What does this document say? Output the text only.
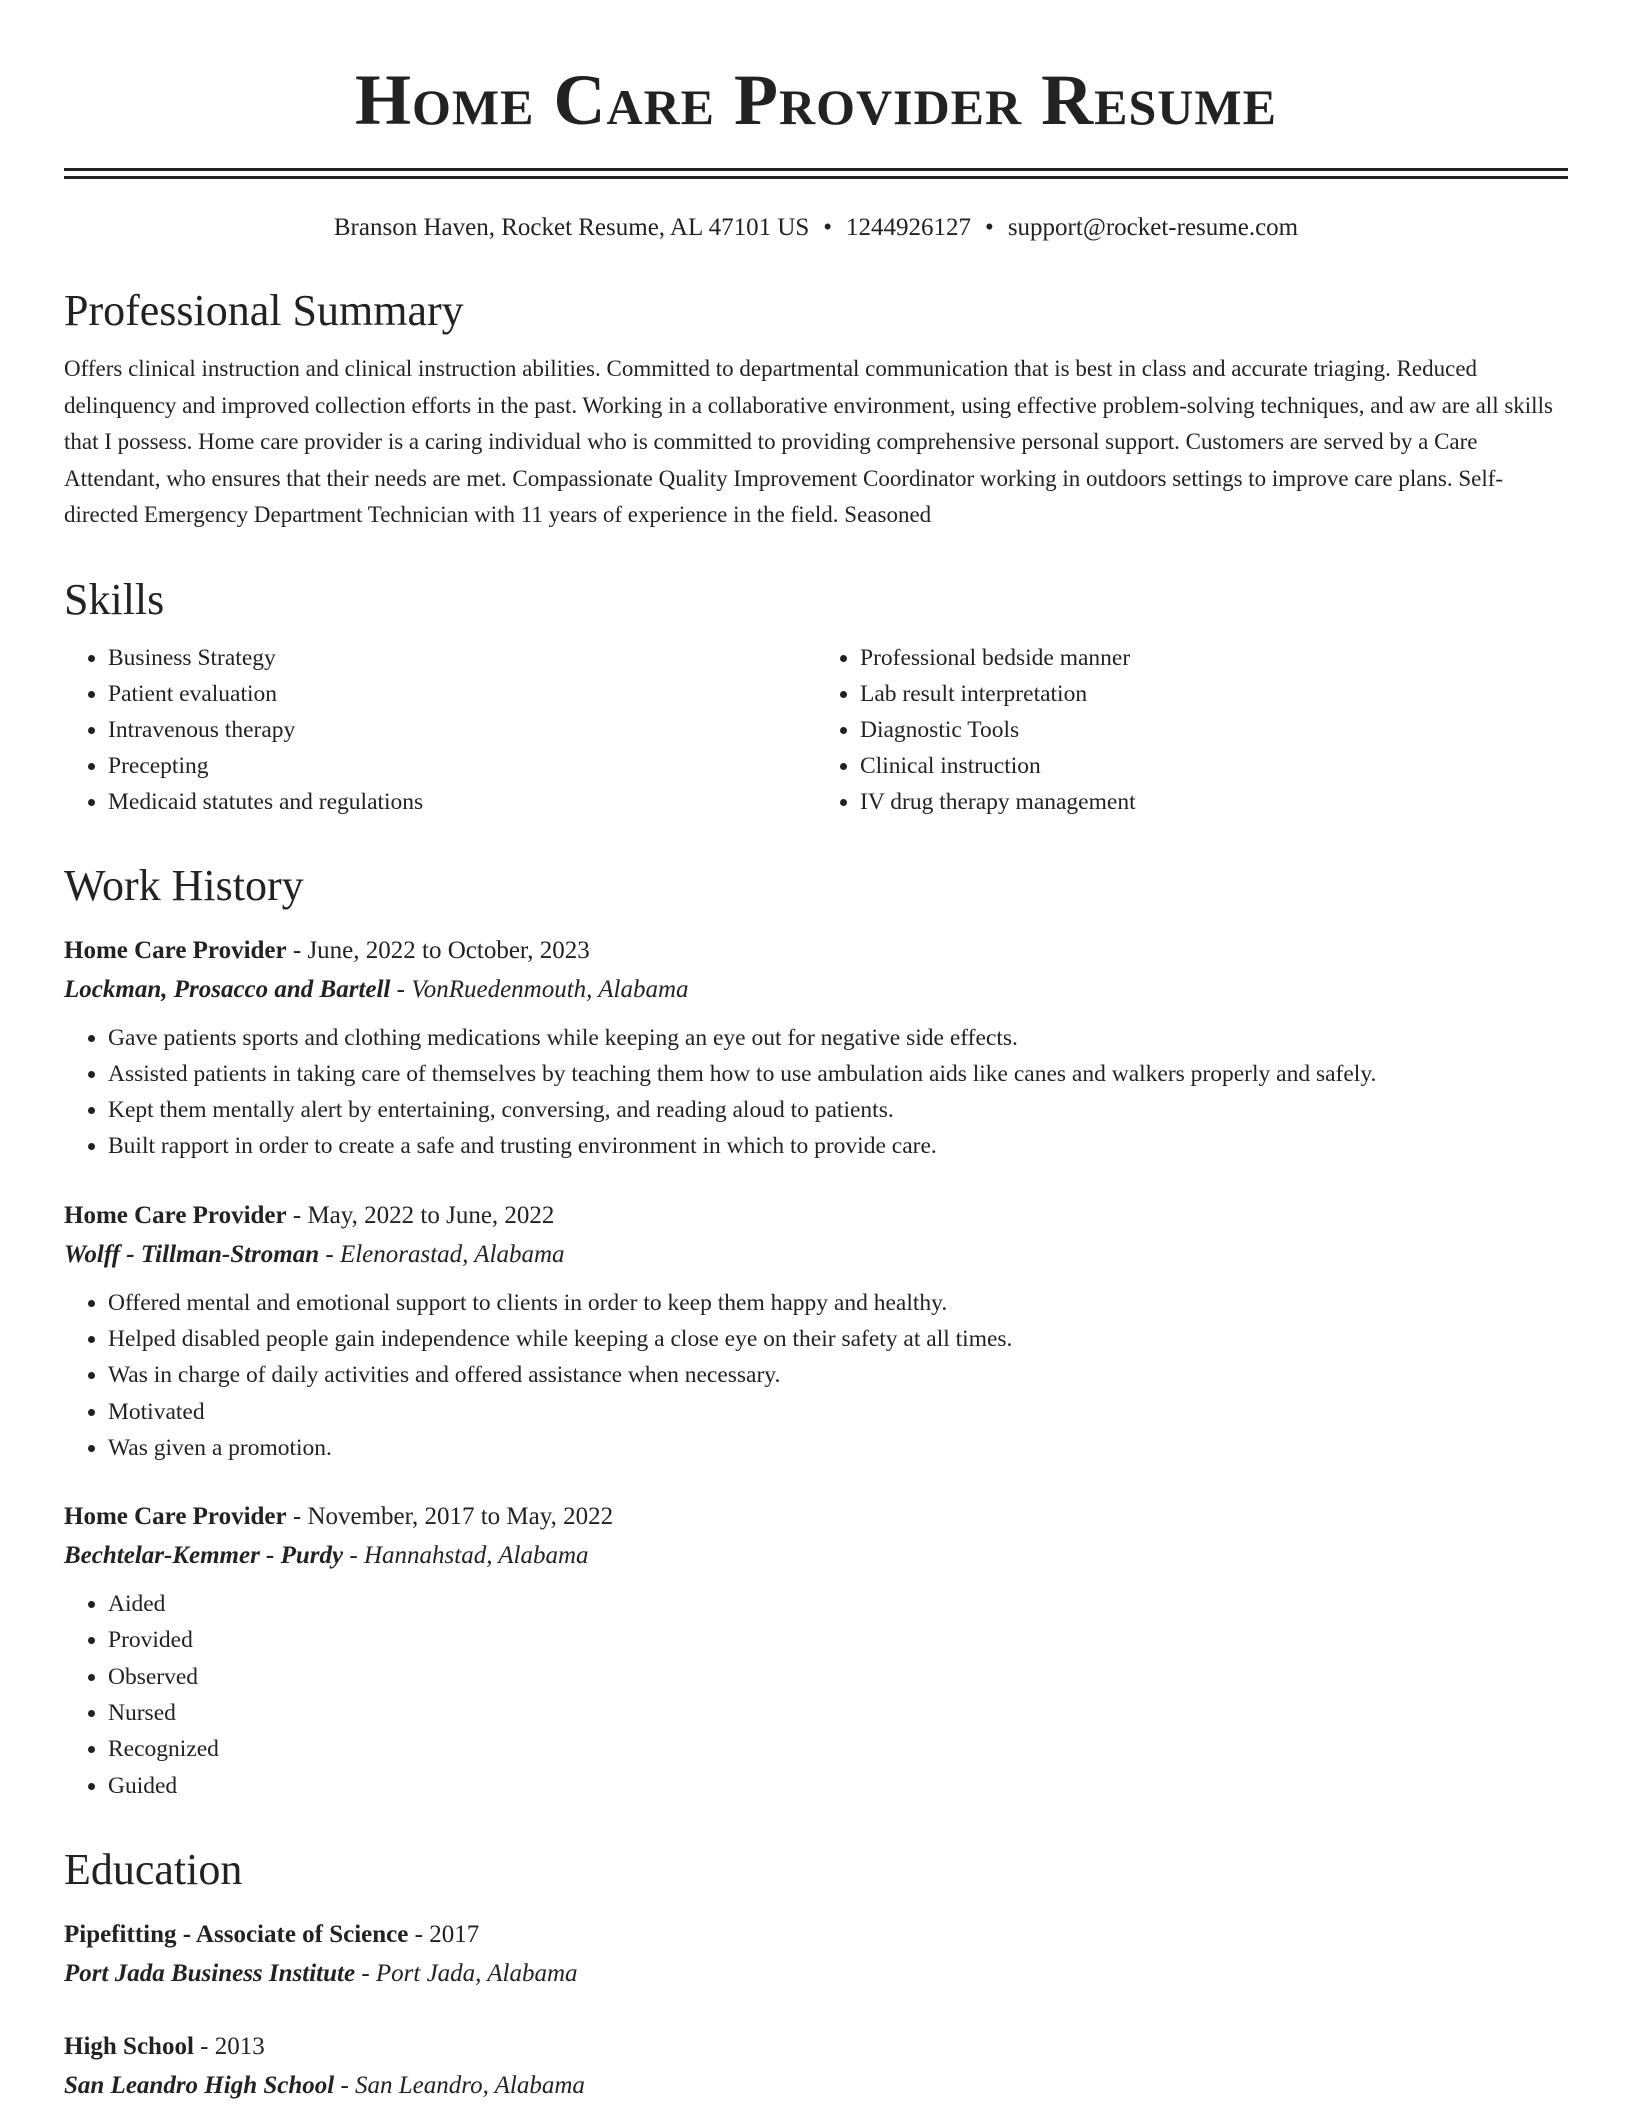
Home Care Provider Resume
Branson Haven, Rocket Resume, AL 47101 US • 1244926127 • support@rocket-resume.com
Professional Summary

Offers clinical instruction and clinical instruction abilities. Committed to departmental communication that is best in class and accurate triaging. Reduced delinquency and improved collection efforts in the past. Working in a collaborative environment, using effective problem-solving techniques, and aw are all skills that I possess. Home care provider is a caring individual who is committed to providing comprehensive personal support. Customers are served by a Care Attendant, who ensures that their needs are met. Compassionate Quality Improvement Coordinator working in outdoors settings to improve care plans. Self-directed Emergency Department Technician with 11 years of experience in the field. Seasoned

Skills
• Business Strategy
• Patient evaluation
• Intravenous therapy
• Precepting
• Medicaid statutes and regulations
• Professional bedside manner
• Lab result interpretation
• Diagnostic Tools
• Clinical instruction
• IV drug therapy management
Work History

Home Care Provider - June, 2022 to October, 2023

Lockman, Prosacco and Bartell - VonRuedenmouth, Alabama

• Gave patients sports and clothing medications while keeping an eye out for negative side effects.
• Assisted patients in taking care of themselves by teaching them how to use ambulation aids like canes and walkers properly and safely.
• Kept them mentally alert by entertaining, conversing, and reading aloud to patients.
• Built rapport in order to create a safe and trusting environment in which to provide care.

Home Care Provider - May, 2022 to June, 2022

Wolff - Tillman-Stroman - Elenorastad, Alabama

• Offered mental and emotional support to clients in order to keep them happy and healthy.
• Helped disabled people gain independence while keeping a close eye on their safety at all times.
• Was in charge of daily activities and offered assistance when necessary.
• Motivated
• Was given a promotion.

Home Care Provider - November, 2017 to May, 2022

Bechtelar-Kemmer - Purdy - Hannahstad, Alabama

• Aided
• Provided
• Observed
• Nursed
• Recognized
• Guided
Education

Pipefitting - Associate of Science - 2017

Port Jada Business Institute - Port Jada, Alabama

High School - 2013

San Leandro High School - San Leandro, Alabama
